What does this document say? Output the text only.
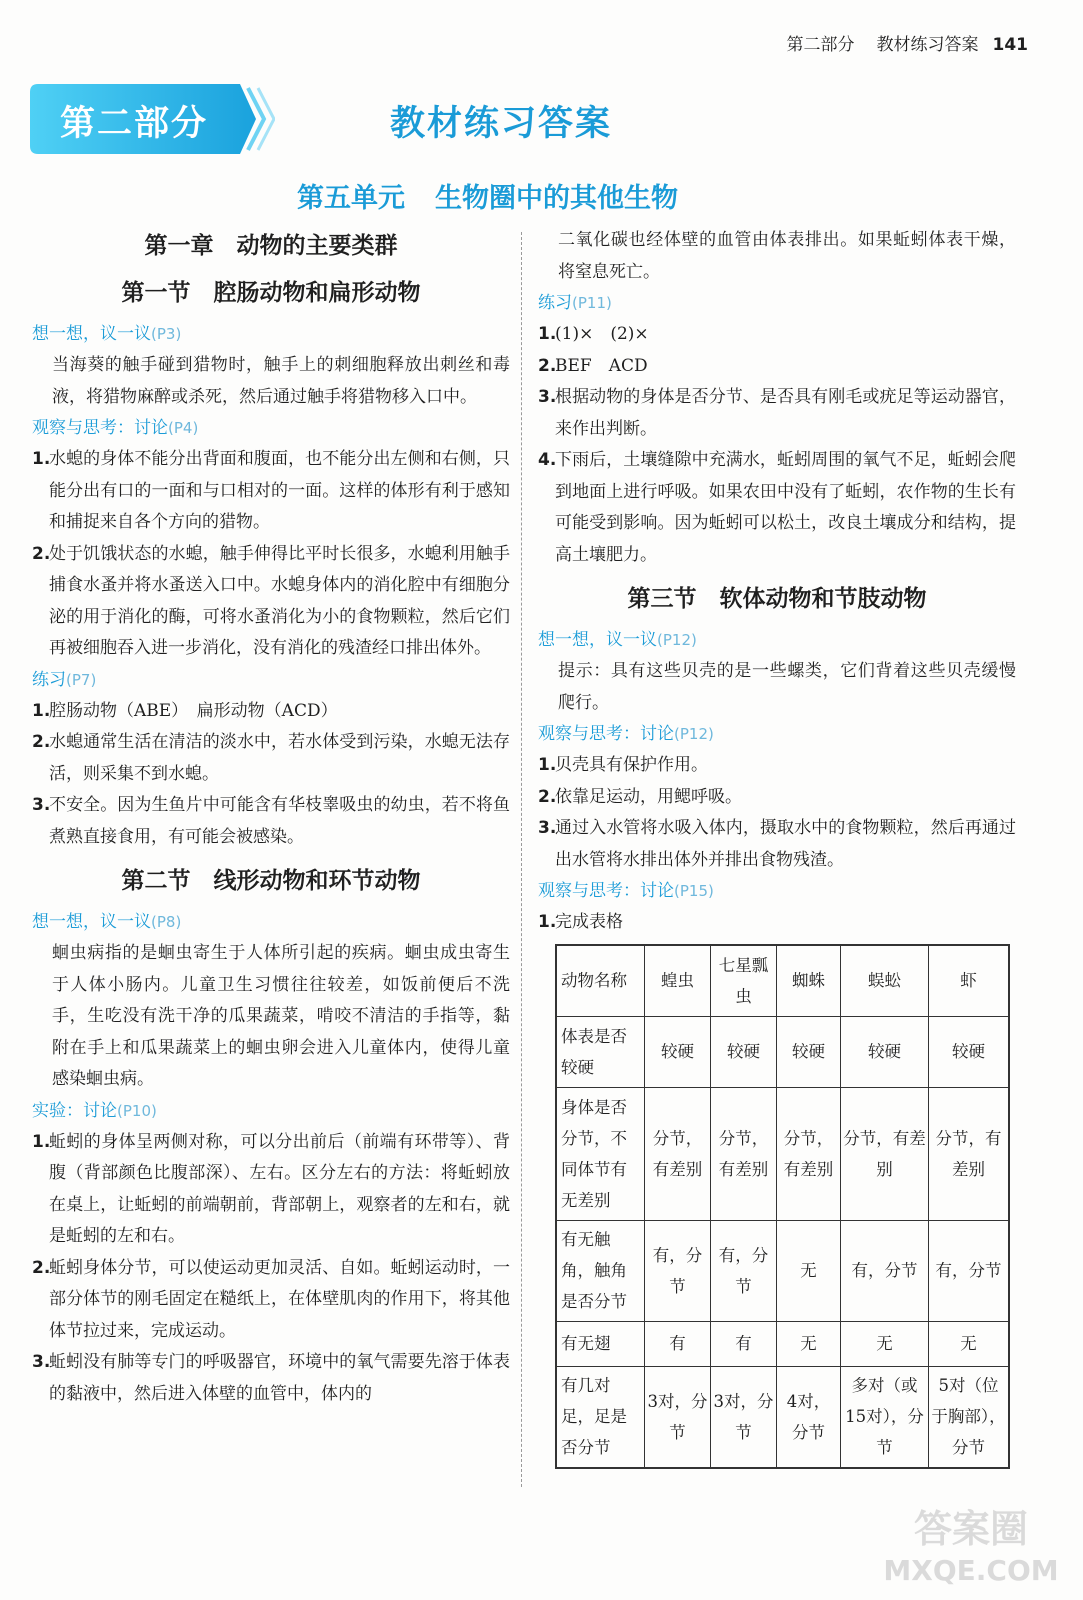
第二部分 教材练习答案 141
第二部分	教材练习答案
第五单元 生物圈中的其他生物
第一章　 动物的主要类群
第一节　 腔肠动物和扁形动物
想一想，议一议(P3)
当海葵的触手碰到猎物时，触手上的刺细胞释放出刺丝和毒液，将猎物麻醉或杀死，然后通过触手将猎物移入口中。
观察与思考：讨论(P4)
1.
水螅的身体不能分出背面和腹面，也不能分出左侧和右侧，只能分出有口的一面和与口相对的一面。这样的体形有利于感知和捕捉来自各个方向的猎物。
2.
处于饥饿状态的水螅，触手伸得比平时长很多，水螅利用触手捕食水蚤并将水蚤送入口中。水螅身体内的消化腔中有细胞分泌的用于消化的酶，可将水蚤消化为小的食物颗粒，然后它们再被细胞吞入进一步消化，没有消化的残渣经口排出体外。
练习(P7)
1.
腔肠动物（ABE）　扁形动物（ACD）
2.
水螅通常生活在清洁的淡水中，若水体受到污染，水螅无法存活，则采集不到水螅。
3.
不安全。因为生鱼片中可能含有华枝睾吸虫的幼虫，若不将鱼煮熟直接食用，有可能会被感染。
第二节　 线形动物和环节动物
想一想，议一议(P8)
蛔虫病指的是蛔虫寄生于人体所引起的疾病。蛔虫成虫寄生于人体小肠内。儿童卫生习惯往往较差，如饭前便后不洗手，生吃没有洗干净的瓜果蔬菜，啃咬不清洁的手指等，黏附在手上和瓜果蔬菜上的蛔虫卵会进入儿童体内，使得儿童感染蛔虫病。
实验：讨论(P10)
1.
蚯蚓的身体呈两侧对称，可以分出前后（前端有环带等）、背腹（背部颜色比腹部深）、左右。区分左右的方法：将蚯蚓放在桌上，让蚯蚓的前端朝前，背部朝上，观察者的左和右，就是蚯蚓的左和右。
2.
蚯蚓身体分节，可以使运动更加灵活、自如。蚯蚓运动时，一部分体节的刚毛固定在糙纸上，在体壁肌肉的作用下，将其他体节拉过来，完成运动。
3.
蚯蚓没有肺等专门的呼吸器官，环境中的氧气需要先溶于体表的黏液中，然后进入体壁的血管中，体内的
二氧化碳也经体壁的血管由体表排出。如果蚯蚓体表干燥，将窒息死亡。
练习(P11)
1.
(1)×　(2)×
2.
BEF　ACD
3.
根据动物的身体是否分节、是否具有刚毛或疣足等运动器官，来作出判断。
4.
下雨后，土壤缝隙中充满水，蚯蚓周围的氧气不足，蚯蚓会爬到地面上进行呼吸。如果农田中没有了蚯蚓，农作物的生长有可能受到影响。因为蚯蚓可以松土，改良土壤成分和结构，提高土壤肥力。
第三节　 软体动物和节肢动物
想一想，议一议(P12)
提示：具有这些贝壳的是一些螺类，它们背着这些贝壳缓慢爬行。
观察与思考：讨论(P12)
1.
贝壳具有保护作用。
2.
依靠足运动，用鳃呼吸。
3.
通过入水管将水吸入体内，摄取水中的食物颗粒，然后再通过出水管将水排出体外并排出食物残渣。
观察与思考：讨论(P15)
1.
完成表格
动物名称	蝗虫	七星瓢虫	蜘蛛	蜈蚣	虾
体表是否较硬	较硬	较硬	较硬	较硬	较硬
身体是否分节，不同体节有无差别	分节，有差别	分节，有差别	分节，有差别	分节，有差别	分节，有差别
有无触角，触角是否分节	有，分节	有，分节	无	有，分节	有，分节
有无翅	有	有	无	无	无
有几对足，足是否分节	3对，分节	3对，分节	4对，分节	多对（或15对），分节	5对（位于胸部），分节
答案圈
MXQE.COM
